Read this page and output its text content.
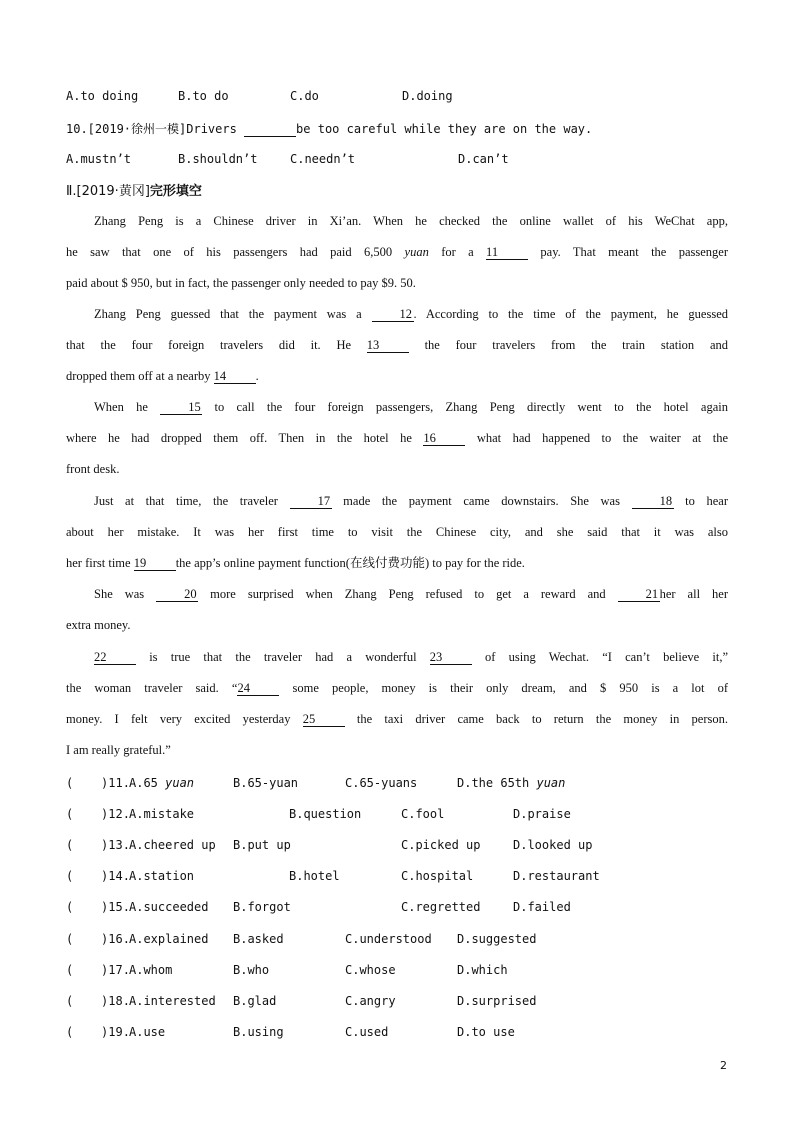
A.to doing	B.to do	C.do	D.doing
10.[2019·徐州一模]Drivers	be too careful while they are on the way.
A.mustn’t	B.shouldn’t	C.needn’t	D.can’t
Ⅱ.[2019·黄冈]完形填空
Zhang Peng is a Chinese driver in Xi’an. When he checked the online wallet of his WeChat app,
he saw that one of his passengers had paid 6,500 yuan for a 11 pay. That meant the passenger
paid about $ 950, but in fact, the passenger only needed to pay $9. 50.
Zhang Peng guessed that the payment was a 12 . According to the time of the payment, he guessed
that the four foreign travelers did it. He 13 the four travelers from the train station and
dropped them off at a nearby 14 .
When he 15 to call the four foreign passengers, Zhang Peng directly went to the hotel again
where he had dropped them off. Then in the hotel he 16 what had happened to the waiter at the
front desk.
Just at that time, the traveler 17 made the payment came downstairs. She was 18 to hear
about her mistake. It was her first time to visit the Chinese city, and she said that it was also
her first time 19 the app’s online payment function(在线付费功能) to pay for the ride.
She was 20 more surprised when Zhang Peng refused to get a reward and 21 her all her
extra money.
22 is true that the traveler had a wonderful 23 of using Wechat. “I can’t believe it,”
the woman traveler said. “24 some people, money is their only dream, and $ 950 is a lot of
money. I felt very excited yesterday 25 the taxi driver came back to return the money in person.
I am really grateful.”
( )11. A.65 yuan	B.65-yuan	C.65-yuans	D.the 65th yuan
( )12. A.mistake	B.question	C.fool	D.praise
( )13. A.cheered up B.put up	C.picked up	D.looked up
( )14. A.station	B.hotel	C.hospital	D.restaurant
( )15. A.succeeded B.forgot	C.regretted	D.failed
( )16. A.explained B.asked	C.understood D.suggested
( )17. A.whom	B.who	C.whose	D.which
( )18. A.interested B.glad	C.angry	D.surprised
( )19. A.use	B.using	C.used	D.to use
2
